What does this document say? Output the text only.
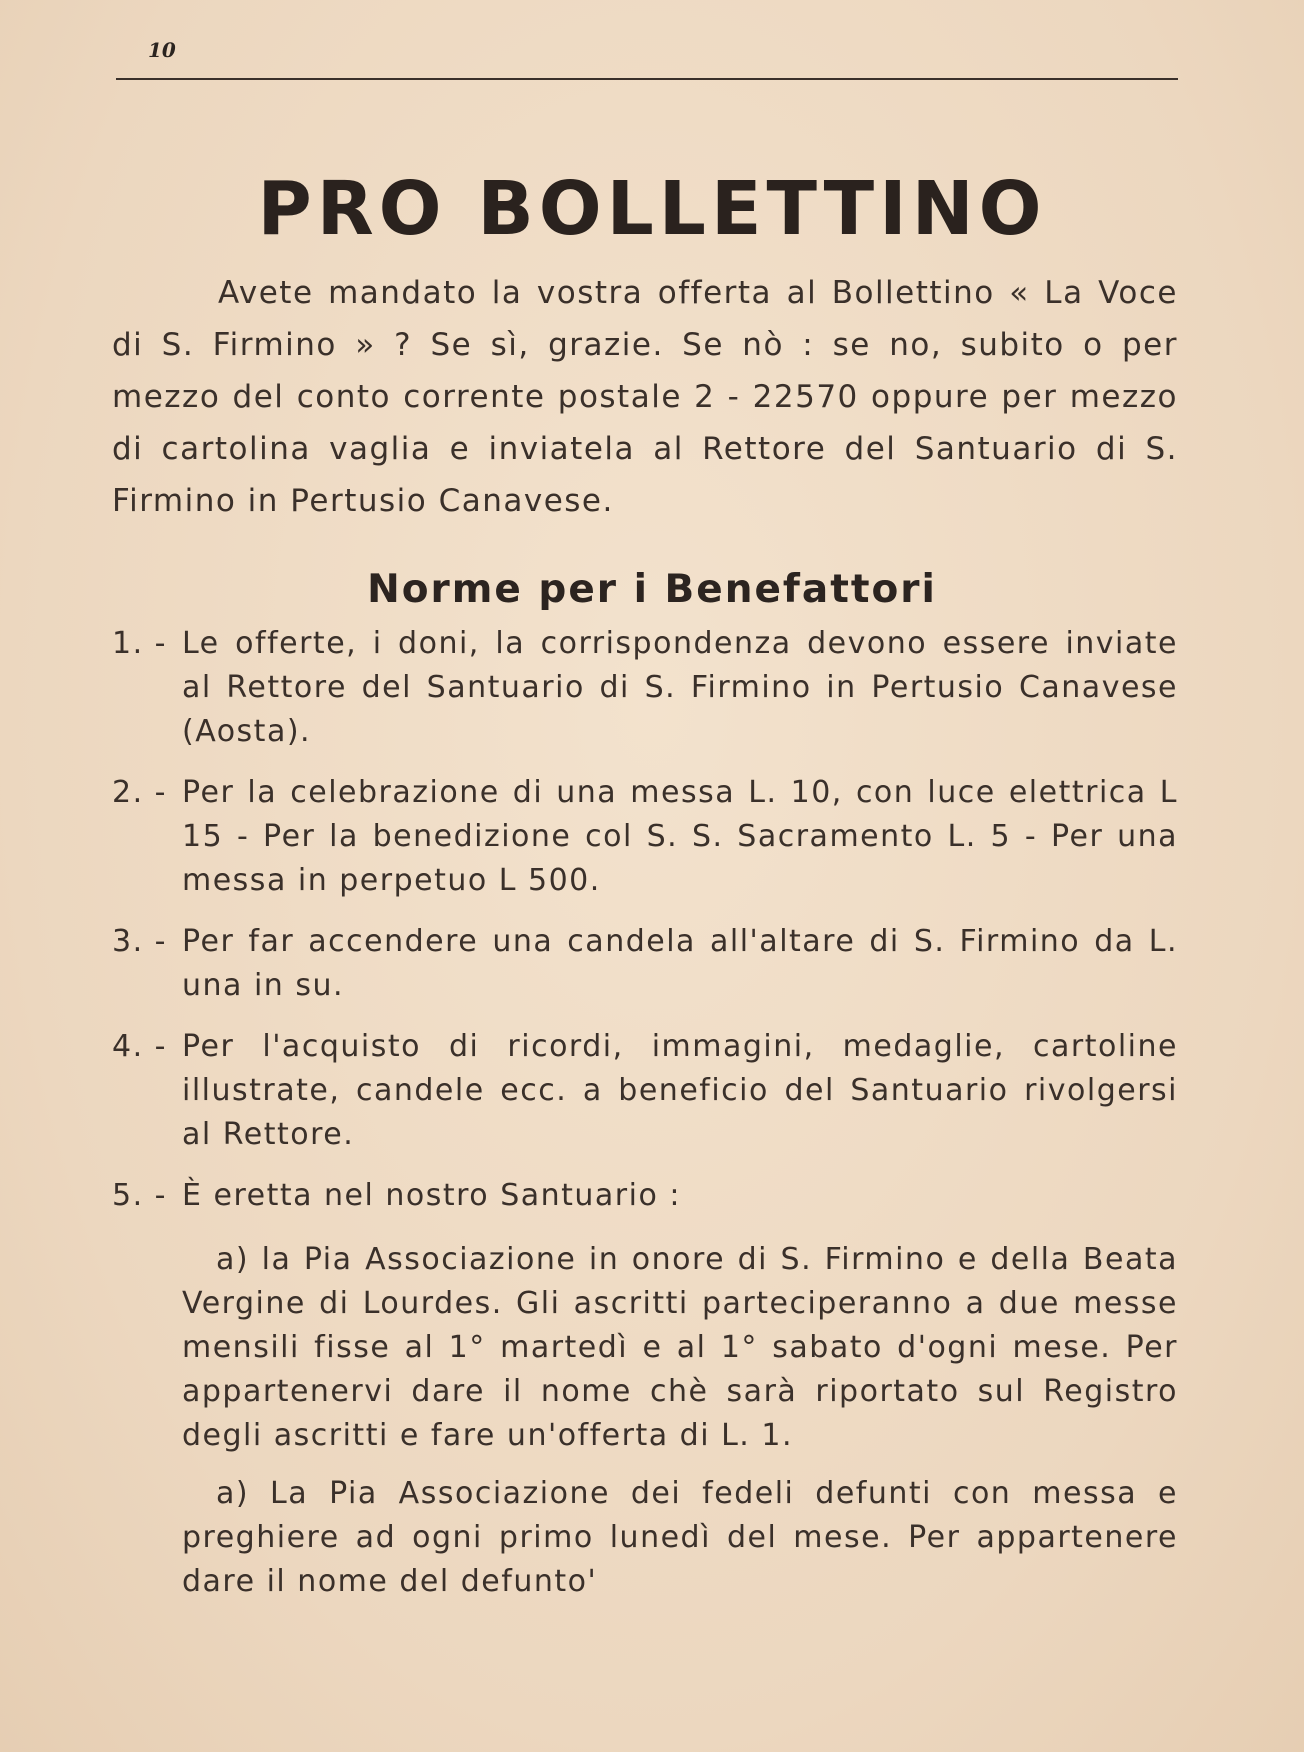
10
PRO BOLLETTINO

Avete mandato la vostra offerta al Bollettino « La Voce di S. Firmino » ? Se sì, grazie. Se nò : se no, subito o per mezzo del conto corrente postale 2 - 22570 oppure per mezzo di cartolina vaglia e inviatela al Rettore del Santuario di S. Firmino in Pertusio Canavese.

Norme per i Benefattori
1. - Le offerte, i doni, la corrispondenza devono essere inviate al Rettore del Santuario di S. Firmino in Pertusio Canavese (Aosta).
2. - Per la celebrazione di una messa L. 10, con luce elettrica L 15 - Per la benedizione col S. S. Sacramento L. 5 - Per una messa in perpetuo L 500.
3. - Per far accendere una candela all'altare di S. Firmino da L. una in su.
4. - Per l'acquisto di ricordi, immagini, medaglie, cartoline illustrate, candele ecc. a beneficio del Santuario rivolgersi al Rettore.
5. - È eretta nel nostro Santuario :
a) la Pia Associazione in onore di S. Firmino e della Beata Vergine di Lourdes. Gli ascritti parteciperanno a due messe mensili fisse al 1° martedì e al 1° sabato d'ogni mese. Per appartenervi dare il nome chè sarà riportato sul Registro degli ascritti e fare un'offerta di L. 1.
a) La Pia Associazione dei fedeli defunti con messa e preghiere ad ogni primo lunedì del mese. Per appartenere dare il nome del defunto'
